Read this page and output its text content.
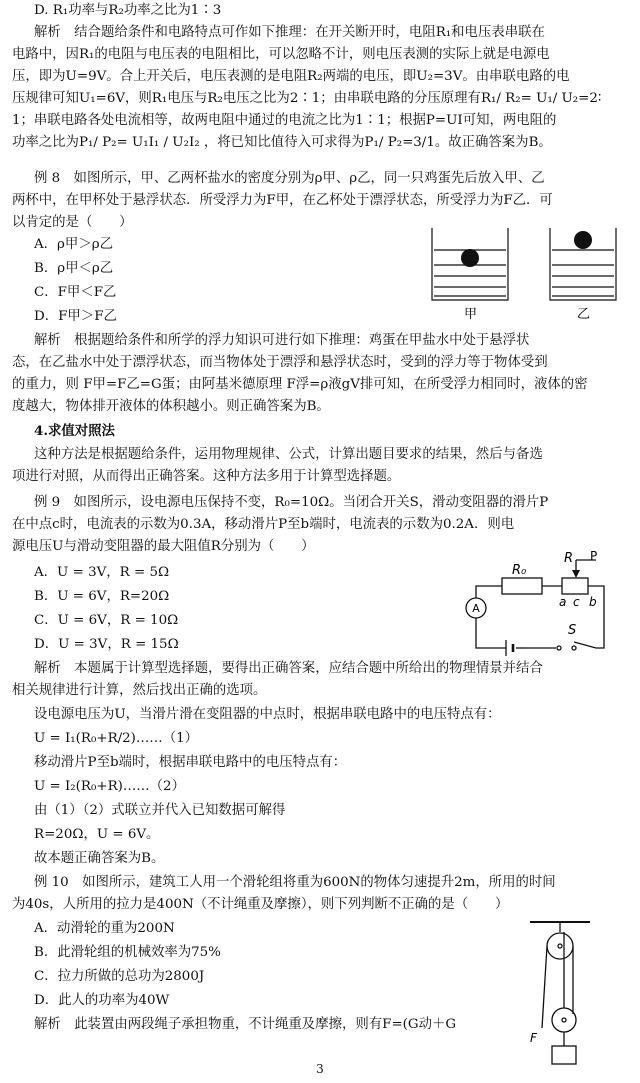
D. R₁功率与R₂功率之比为1∶3
解析　结合题给条件和电路特点可作如下推理：在开关断开时，电阻R₁和电压表串联在
电路中，因R₁的电阻与电压表的电阻相比，可以忽略不计，则电压表测的实际上就是电源电
压，即为U=9V。合上开关后，电压表测的是电阻R₂两端的电压，即U₂=3V。由串联电路的电
压规律可知U₁=6V，则R₁电压与R₂电压之比为2∶1；由串联电路的分压原理有R₁/ R₂= U₁/ U₂=2∶
1；串联电路各处电流相等，故两电阻中通过的电流之比为1∶1；根据P=UI可知，两电阻的
功率之比为P₁/ P₂= U₁I₁ / U₂I₂ ，将已知比值待入可求得为P₁/ P₂=3/1。故正确答案为B。
例 8　如图所示，甲、乙两杯盐水的密度分别为ρ甲、ρ乙，同一只鸡蛋先后放入甲、乙
两杯中，在甲杯处于悬浮状态．所受浮力为F甲，在乙杯处于漂浮状态，所受浮力为F乙．可
以肯定的是（　　）
A．ρ甲＞ρ乙
B．ρ甲＜ρ乙
C．F甲＜F乙
D．F甲＞F乙	甲	乙
解析　根据题给条件和所学的浮力知识可进行如下推理：鸡蛋在甲盐水中处于悬浮状
态，在乙盐水中处于漂浮状态，而当物体处于漂浮和悬浮状态时，受到的浮力等于物体受到
的重力，则 F甲=F乙=G蛋；由阿基米德原理 F浮=ρ液gV排可知，在所受浮力相同时，液体的密
度越大，物体排开液体的体积越小。则正确答案为B。
4.求值对照法
这种方法是根据题给条件，运用物理规律、公式，计算出题目要求的结果，然后与备选
项进行对照，从而得出正确答案。这种方法多用于计算型选择题。
例 9　如图所示，设电源电压保持不变，R₀=10Ω。当闭合开关S，滑动变阻器的滑片P
在中点c时，电流表的示数为0.3A，移动滑片P至b端时，电流表的示数为0.2A．则电
源电压U与滑动变阻器的最大阻值R分别为（　　）
A．U = 3V，R = 5Ω
B．U = 6V，R=20Ω
C．U = 6V，R = 10Ω
D．U = 3V，R = 15Ω
A
R₀
R P
a c b
S
解析　本题属于计算型选择题，要得出正确答案，应结合题中所给出的物理情景并结合
相关规律进行计算，然后找出正确的选项。
设电源电压为U，当滑片滑在变阻器的中点时，根据串联电路中的电压特点有：
U = I₁(R₀+R/2)……（1）
移动滑片P至b端时，根据串联电路中的电压特点有：
U = I₂(R₀+R)……（2）
由（1）（2）式联立并代入已知数据可解得
R=20Ω，U = 6V。
故本题正确答案为B。
例 10　如图所示，建筑工人用一个滑轮组将重为600N的物体匀速提升2m，所用的时间
为40s，人所用的拉力是400N（不计绳重及摩擦），则下列判断不正确的是（　　）
A．动滑轮的重为200N
B．此滑轮组的机械效率为75%
C．拉力所做的总功为2800J
D．此人的功率为40W
解析　此装置由两段绳子承担物重，不计绳重及摩擦，则有F=(G动＋G
F
3
